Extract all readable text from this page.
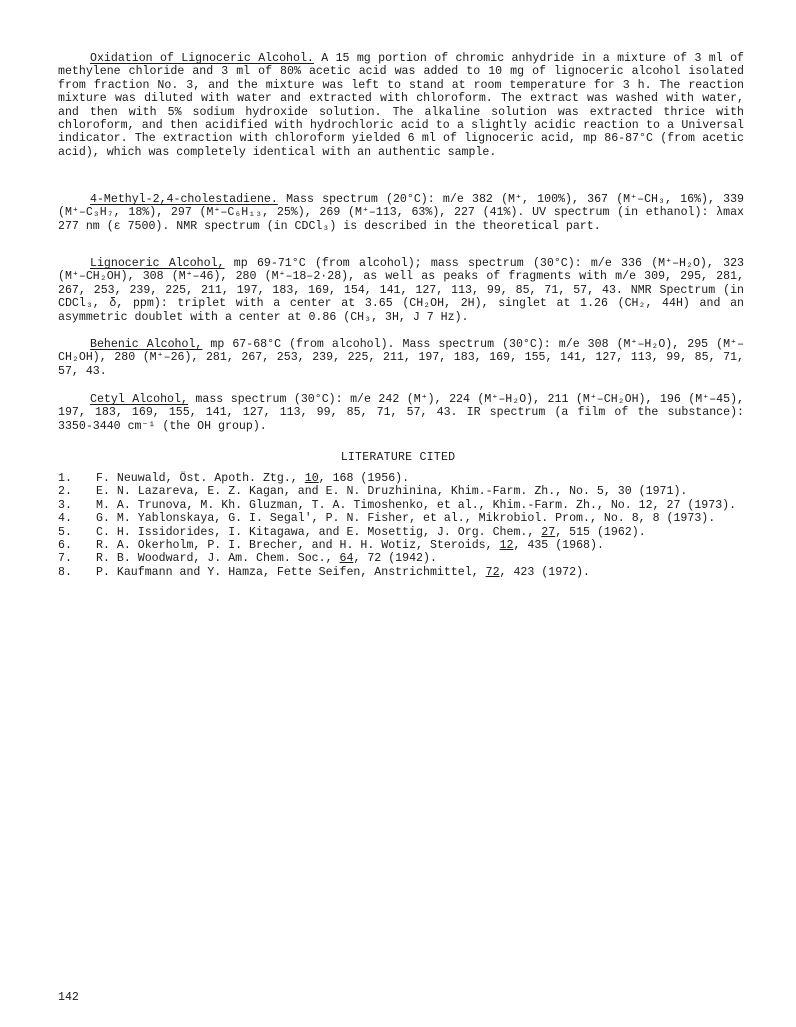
Oxidation of Lignoceric Alcohol. A 15 mg portion of chromic anhydride in a mixture of 3 ml of methylene chloride and 3 ml of 80% acetic acid was added to 10 mg of lignoceric alcohol isolated from fraction No. 3, and the mixture was left to stand at room temperature for 3 h. The reaction mixture was diluted with water and extracted with chloroform. The extract was washed with water, and then with 5% sodium hydroxide solution. The alkaline solution was extracted thrice with chloroform, and then acidified with hydrochloric acid to a slightly acidic reaction to a Universal indicator. The extraction with chloroform yielded 6 ml of lignoceric acid, mp 86-87°C (from acetic acid), which was completely identical with an authentic sample.

4-Methyl-2,4-cholestadiene. Mass spectrum (20°C): m/e 382 (M⁺, 100%), 367 (M⁺–CH₃, 16%), 339 (M⁺–C₃H₇, 18%), 297 (M⁺–C₆H₁₃, 25%), 269 (M⁺–113, 63%), 227 (41%). UV spectrum (in ethanol): λmax 277 nm (ε 7500). NMR spectrum (in CDCl₃) is described in the theoretical part.

Lignoceric Alcohol, mp 69-71°C (from alcohol); mass spectrum (30°C): m/e 336 (M⁺–H₂O), 323 (M⁺–CH₂OH), 308 (M⁺–46), 280 (M⁺–18–2·28), as well as peaks of fragments with m/e 309, 295, 281, 267, 253, 239, 225, 211, 197, 183, 169, 154, 141, 127, 113, 99, 85, 71, 57, 43. NMR Spectrum (in CDCl₃, δ, ppm): triplet with a center at 3.65 (CH₂OH, 2H), singlet at 1.26 (CH₂, 44H) and an asymmetric doublet with a center at 0.86 (CH₃, 3H, J 7 Hz).

Behenic Alcohol, mp 67-68°C (from alcohol). Mass spectrum (30°C): m/e 308 (M⁺–H₂O), 295 (M⁺–CH₂OH), 280 (M⁺–26), 281, 267, 253, 239, 225, 211, 197, 183, 169, 155, 141, 127, 113, 99, 85, 71, 57, 43.

Cetyl Alcohol, mass spectrum (30°C): m/e 242 (M⁺), 224 (M⁺–H₂O), 211 (M⁺–CH₂OH), 196 (M⁺–45), 197, 183, 169, 155, 141, 127, 113, 99, 85, 71, 57, 43. IR spectrum (a film of the substance): 3350-3440 cm⁻¹ (the OH group).

LITERATURE CITED
1.	F. Neuwald, Öst. Apoth. Ztg., 10, 168 (1956).
2.	E. N. Lazareva, E. Z. Kagan, and E. N. Druzhinina, Khim.-Farm. Zh., No. 5, 30 (1971).
3.	M. A. Trunova, M. Kh. Gluzman, T. A. Timoshenko, et al., Khim.-Farm. Zh., No. 12, 27 (1973).
4.	G. M. Yablonskaya, G. I. Segal', P. N. Fisher, et al., Mikrobiol. Prom., No. 8, 8 (1973).
5.	C. H. Issidorides, I. Kitagawa, and E. Mosettig, J. Org. Chem., 27, 515 (1962).
6.	R. A. Okerholm, P. I. Brecher, and H. H. Wotiz, Steroids, 12, 435 (1968).
7.	R. B. Woodward, J. Am. Chem. Soc., 64, 72 (1942).
8.	P. Kaufmann and Y. Hamza, Fette Seifen, Anstrichmittel, 72, 423 (1972).
142
